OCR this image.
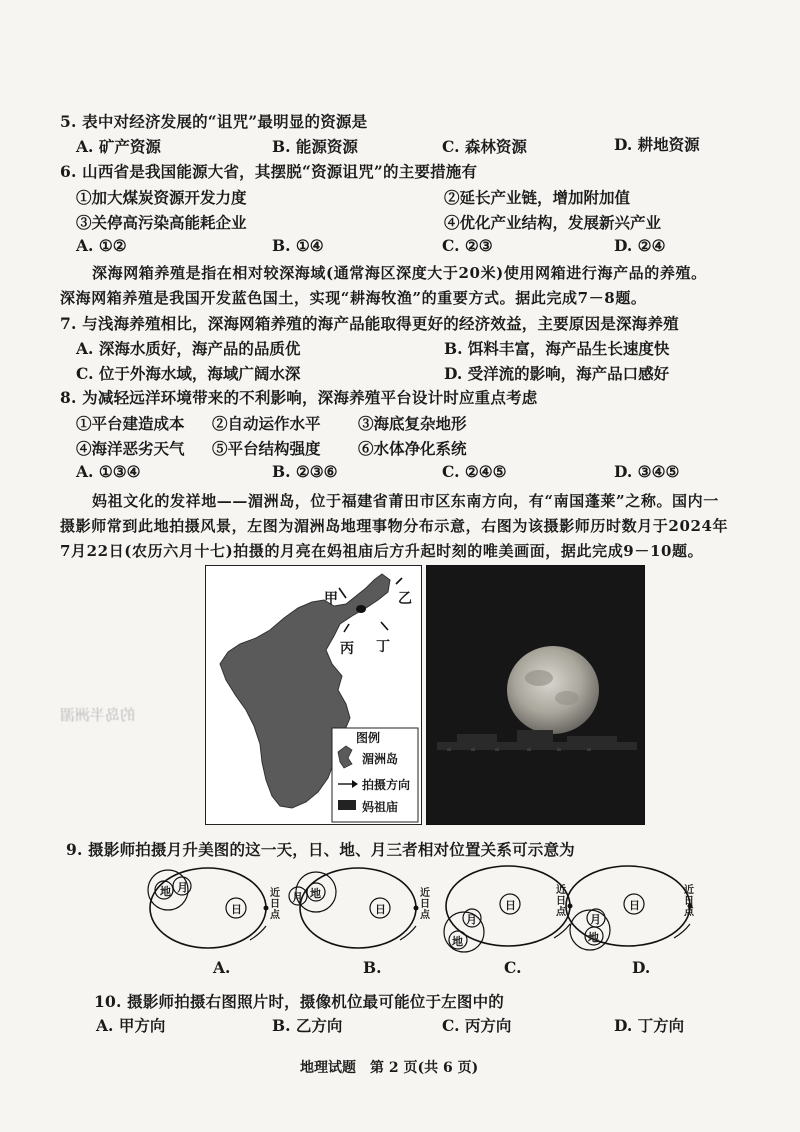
5. 表中对经济发展的“诅咒”最明显的资源是
A. 矿产资源	B. 能源资源	C. 森林资源	D. 耕地资源
6. 山西省是我国能源大省，其摆脱“资源诅咒”的主要措施有
①加大煤炭资源开发力度	②延长产业链，增加附加值
③关停高污染高能耗企业	④优化产业结构，发展新兴产业
A. ①②	B. ①④	C. ②③	D. ②④
深海网箱养殖是指在相对较深海域(通常海区深度大于20米)使用网箱进行海产品的养殖。
深海网箱养殖是我国开发蓝色国土，实现“耕海牧渔”的重要方式。据此完成7－8题。
7. 与浅海养殖相比，深海网箱养殖的海产品能取得更好的经济效益，主要原因是深海养殖
A. 深海水质好，海产品的品质优	B. 饵料丰富，海产品生长速度快
C. 位于外海水域，海域广阔水深	D. 受洋流的影响，海产品口感好
8. 为减轻远洋环境带来的不利影响，深海养殖平台设计时应重点考虑
①平台建造成本 ②自动运作水平 ③海底复杂地形
④海洋恶劣天气 ⑤平台结构强度 ⑥水体净化系统
A. ①③④	B. ②③⑥	C. ②④⑤	D. ③④⑤
妈祖文化的发祥地——湄洲岛，位于福建省莆田市区东南方向，有“南国蓬莱”之称。国内一
摄影师常到此地拍摄风景，左图为湄洲岛地理事物分布示意，右图为该摄影师历时数月于2024年
7月22日(农历六月十七)拍摄的月亮在妈祖庙后方升起时刻的唯美画面，据此完成9－10题。
的岛半洲湄
甲	乙
丙 丁
图例
湄洲岛
拍摄方向
妈祖庙
9. 摄影师拍摄月升美图的这一天，日、地、月三者相对位置关系可示意为
地 月
日
近日点
地
月
日
近日点
地
月
日
近日点
地
月
日
近日点
A.	B.	C.	D.
10. 摄影师拍摄右图照片时，摄像机位最可能位于左图中的
A. 甲方向	B. 乙方向	C. 丙方向	D. 丁方向
地理试题　第 2 页(共 6 页)
